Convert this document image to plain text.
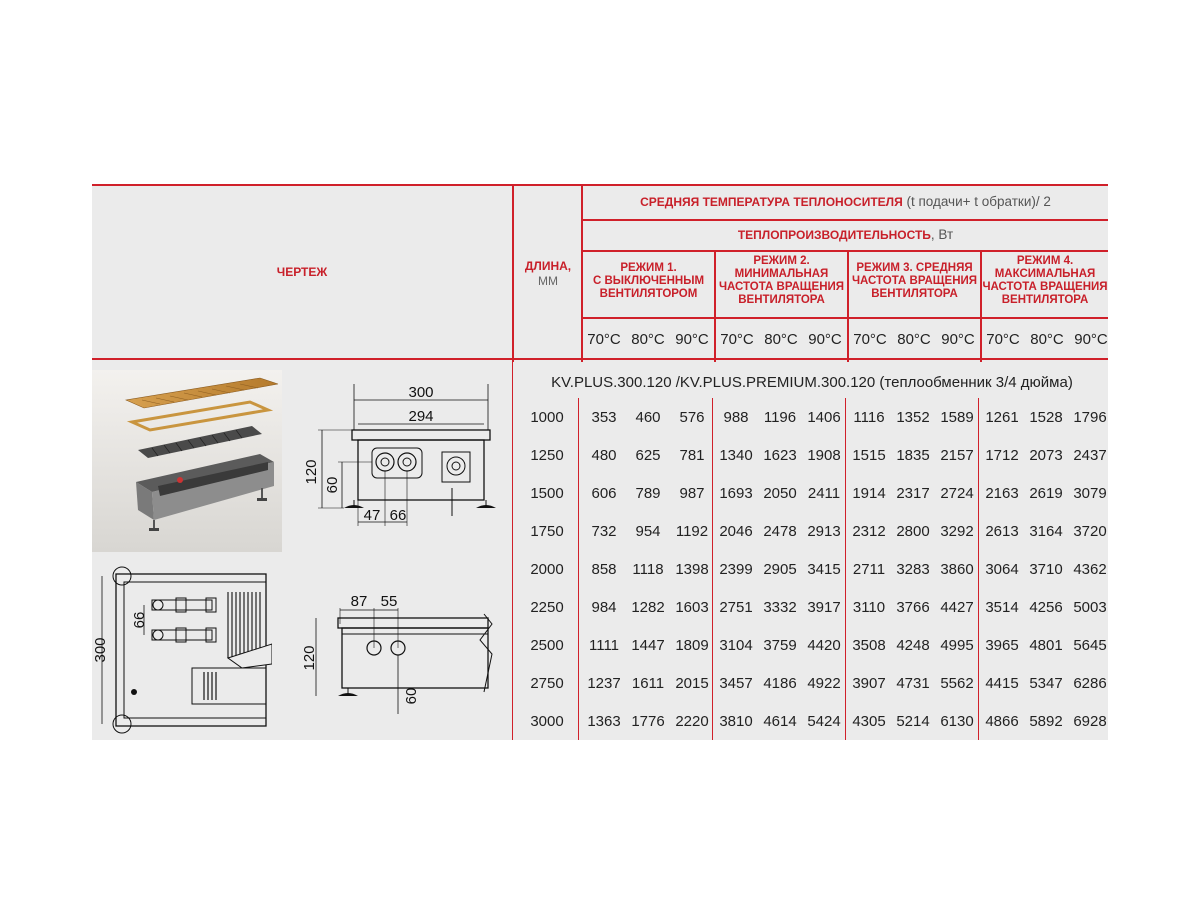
ЧЕРТЕЖ	ДЛИНА,
ММ
СРЕДНЯЯ ТЕМПЕРАТУРА ТЕПЛОНОСИТЕЛЯ (t подачи+ t обратки)/ 2
ТЕПЛОПРОИЗВОДИТЕЛЬНОСТЬ, Вт
РЕЖИМ 1.
С ВЫКЛЮЧЕННЫМ
ВЕНТИЛЯТОРОМ
РЕЖИМ 2.
МИНИМАЛЬНАЯ
ЧАСТОТА ВРАЩЕНИЯ
ВЕНТИЛЯТОРА
РЕЖИМ 3. СРЕДНЯЯ
ЧАСТОТА ВРАЩЕНИЯ
ВЕНТИЛЯТОРА
РЕЖИМ 4.
МАКСИМАЛЬНАЯ
ЧАСТОТА ВРАЩЕНИЯ
ВЕНТИЛЯТОРА
70°C 80°C 90°C 70°C 80°C 90°C 70°C 80°C 90°C 70°C 80°C 90°C
KV.PLUS.300.120 /KV.PLUS.PREMIUM.300.120 (теплообменник 3/4 дюйма)
1000	353	460	576	988	1196 1406 1116 1352 1589 1261 1528 1796
1250	480	625	781 1340 1623 1908 1515 1835 2157 1712 2073 2437
1500	606	789	987 1693 2050 2411 1914 2317 2724 2163 2619 3079
1750	732	954	1192 2046 2478 2913 2312 2800 3292 2613 3164 3720
2000	858	1118 1398 2399 2905 3415 2711 3283 3860 3064 3710 4362
2250	984 1282 1603 2751 3332 3917 3110 3766 4427 3514 4256 5003
2500	1111 1447 1809 3104 3759 4420 3508 4248 4995 3965 4801 5645
2750	1237 1611 2015 3457 4186 4922 3907 4731 5562 4415 5347 6286
3000	1363 1776 2220 3810 4614 5424 4305 5214 6130 4866 5892 6928
300
294
120
60
47 66
300
66
87 55
120
60
